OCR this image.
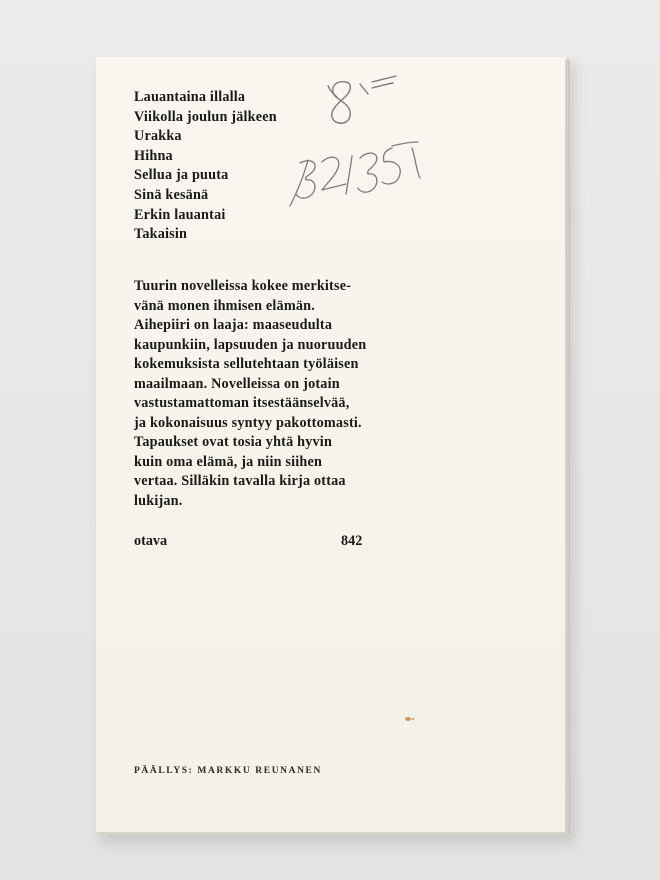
Lauantaina illalla
Viikolla joulun jälkeen
Urakka
Hihna
Sellua ja puuta
Sinä kesänä
Erkin lauantai
Takaisin
Tuurin novelleissa kokee merkitse-
vänä monen ihmisen elämän.
Aihepiiri on laaja: maaseudulta
kaupunkiin, lapsuuden ja nuoruuden
kokemuksista sellutehtaan työläisen
maailmaan. Novelleissa on jotain
vastustamattoman itsestäänselvää,
ja kokonaisuus syntyy pakottomasti.
Tapaukset ovat tosia yhtä hyvin
kuin oma elämä, ja niin siihen
vertaa. Silläkin tavalla kirja ottaa
lukijan.
otava	842
PÄÄLLYS: MARKKU REUNANEN
